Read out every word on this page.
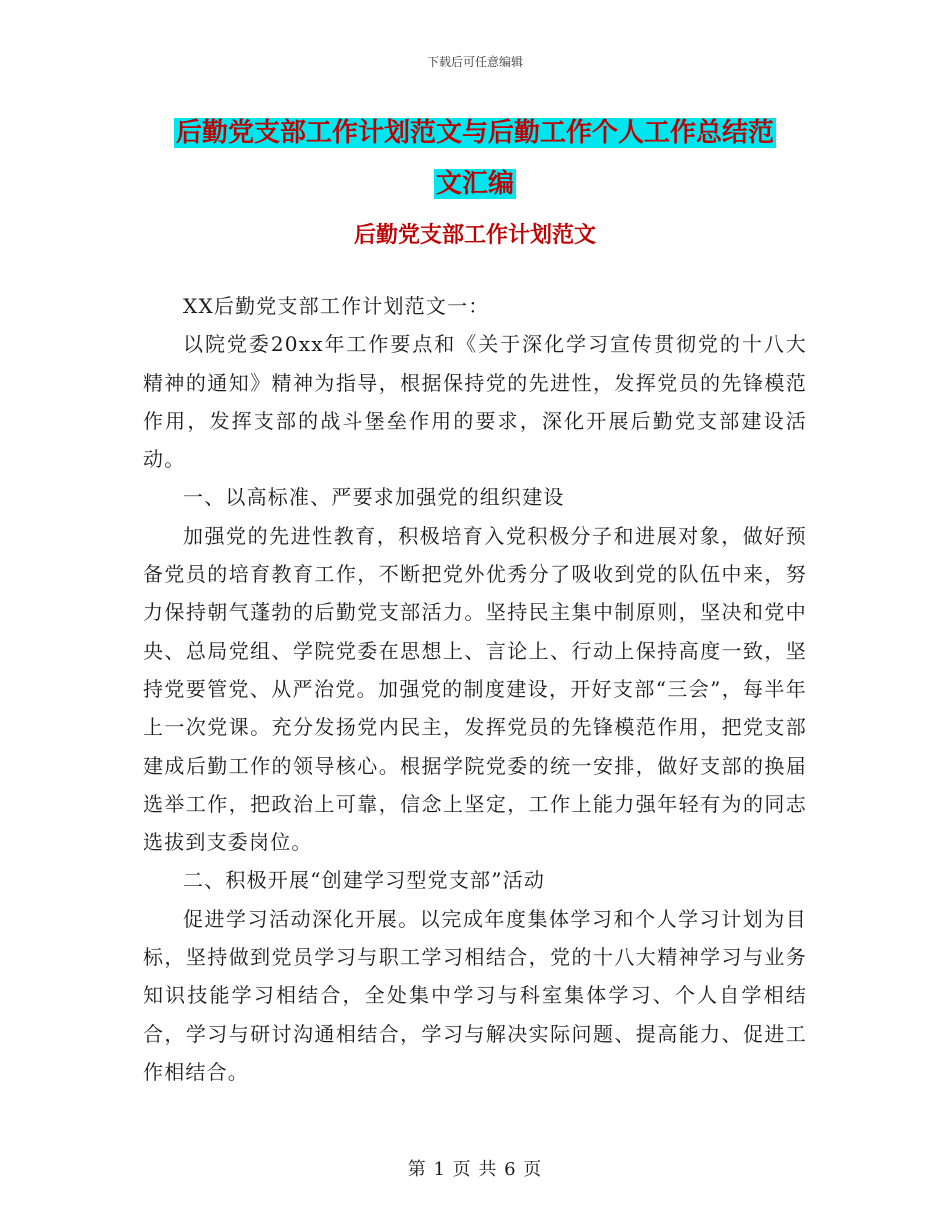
下载后可任意编辑
后勤党支部工作计划范文与后勤工作个人工作总结范
文汇编
后勤党支部工作计划范文

XX后勤党支部工作计划范文一：

以院党委20xx年工作要点和《关于深化学习宣传贯彻党的十八大精神的通知》精神为指导，根据保持党的先进性，发挥党员的先锋模范作用，发挥支部的战斗堡垒作用的要求，深化开展后勤党支部建设活动。

一、以高标准、严要求加强党的组织建设

加强党的先进性教育，积极培育入党积极分子和进展对象，做好预备党员的培育教育工作，不断把党外优秀分了吸收到党的队伍中来，努力保持朝气蓬勃的后勤党支部活力。坚持民主集中制原则，坚决和党中央、总局党组、学院党委在思想上、言论上、行动上保持高度一致，坚持党要管党、从严治党。加强党的制度建设，开好支部“三会”，每半年上一次党课。充分发扬党内民主，发挥党员的先锋模范作用，把党支部建成后勤工作的领导核心。根据学院党委的统一安排，做好支部的换届选举工作，把政治上可靠，信念上坚定，工作上能力强年轻有为的同志选拔到支委岗位。

二、积极开展“创建学习型党支部”活动

促进学习活动深化开展。以完成年度集体学习和个人学习计划为目标，坚持做到党员学习与职工学习相结合，党的十八大精神学习与业务知识技能学习相结合，全处集中学习与科室集体学习、个人自学相结合，学习与研讨沟通相结合，学习与解决实际问题、提高能力、促进工作相结合。

第 1 页 共 6 页
